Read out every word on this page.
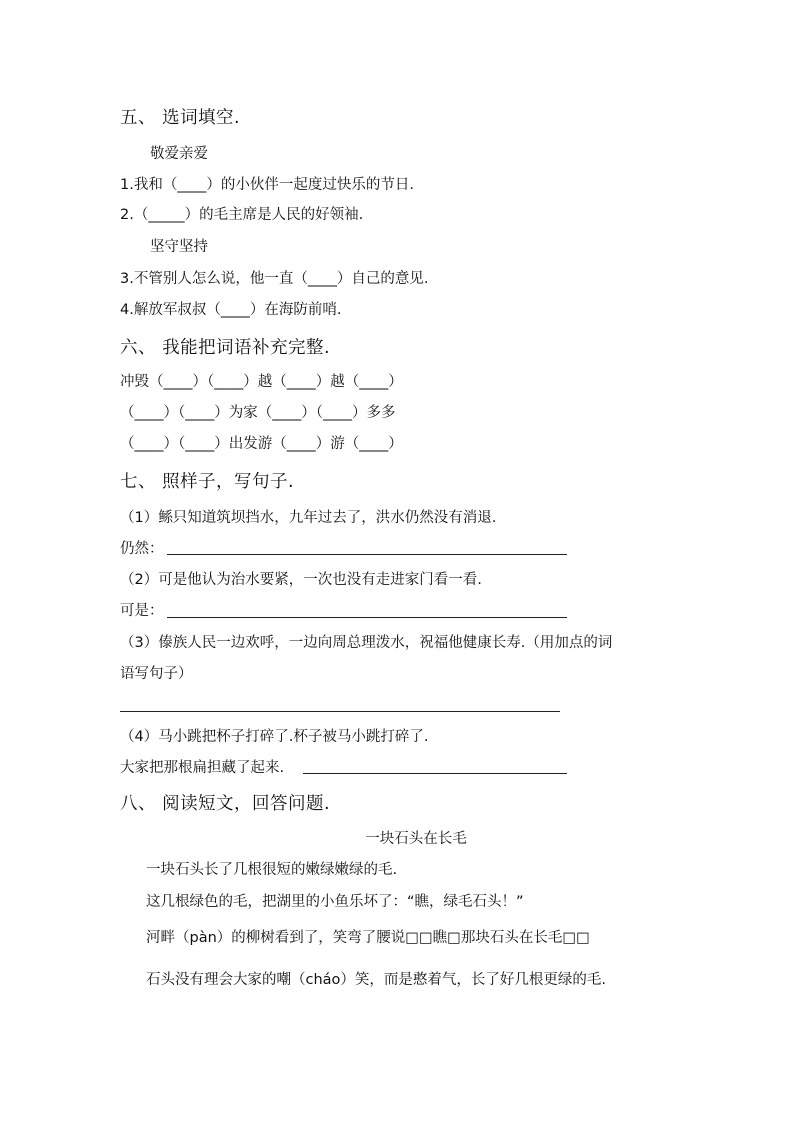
五、 选词填空.
敬爱亲爱
1.我和（____）的小伙伴一起度过快乐的节日.
2.（_____）的毛主席是人民的好领袖.
坚守坚持
3.不管别人怎么说，他一直（____）自己的意见.
4.解放军叔叔（____）在海防前哨.
六、 我能把词语补充完整.
冲毁（____）（____）越（____）越（____）
（____）（____）为家（____）（____）多多
（____）（____）出发游（____）游（____）
七、 照样子，写句子.
（1）鲧只知道筑坝挡水，九年过去了，洪水仍然没有消退.
仍然：
（2）可是他认为治水要紧，一次也没有走进家门看一看.
可是：
（3）傣族人民一边欢呼，一边向周总理泼水，祝福他健康长寿.（用加点的词
语写句子）
（4）马小跳把杯子打碎了.杯子被马小跳打碎了.
大家把那根扁担藏了起来.
八、 阅读短文，回答问题.
一块石头在长毛
一块石头长了几根很短的嫩绿嫩绿的毛.
这几根绿色的毛，把湖里的小鱼乐坏了：“瞧，绿毛石头！”
河畔（pàn）的柳树看到了，笑弯了腰说□□瞧□那块石头在长毛□□
石头没有理会大家的嘲（cháo）笑，而是憨着气，长了好几根更绿的毛.
